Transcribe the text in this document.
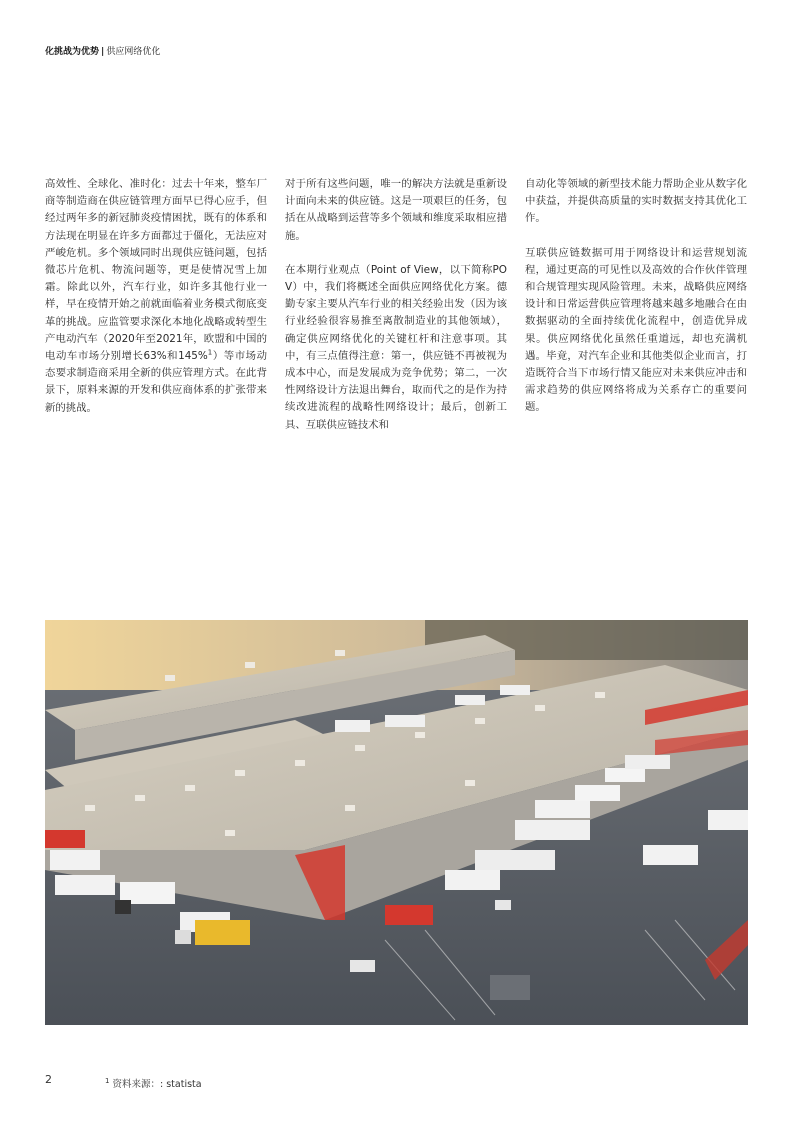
化挑战为优势 | 供应网络优化

高效性、全球化、准时化：过去十年来，整车厂商等制造商在供应链管理方面早已得心应手，但经过两年多的新冠肺炎疫情困扰，既有的体系和方法现在明显在许多方面都过于僵化，无法应对严峻危机。多个领域同时出现供应链问题，包括微芯片危机、物流问题等，更是使情况雪上加霜。除此以外，汽车行业，如许多其他行业一样，早在疫情开始之前就面临着业务模式彻底变革的挑战。应监管要求深化本地化战略或转型生产电动汽车（2020年至2021年，欧盟和中国的电动车市场分别增长63%和145%$^1$）等市场动态要求制造商采用全新的供应管理方式。在此背景下，原料来源的开发和供应商体系的扩张带来新的挑战。

对于所有这些问题，唯一的解决方法就是重新设计面向未来的供应链。这是一项艰巨的任务，包括在从战略到运营等多个领域和维度采取相应措施。

在本期行业观点（Point of View，以下简称POV）中，我们将概述全面供应网络优化方案。德勤专家主要从汽车行业的相关经验出发（因为该行业经验很容易推至离散制造业的其他领域），确定供应网络优化的关键杠杆和注意事项。其中，有三点值得注意：第一，供应链不再被视为成本中心，而是发展成为竞争优势；第二，一次性网络设计方法退出舞台，取而代之的是作为持续改进流程的战略性网络设计；最后，创新工具、互联供应链技术和

自动化等领域的新型技术能力帮助企业从数字化中获益，并提供高质量的实时数据支持其优化工作。

互联供应链数据可用于网络设计和运营规划流程，通过更高的可见性以及高效的合作伙伴管理和合规管理实现风险管理。未来，战略供应网络设计和日常运营供应管理将越来越多地融合在由数据驱动的全面持续优化流程中，创造优异成果。供应网络优化虽然任重道远，却也充满机遇。毕竟，对汽车企业和其他类似企业而言，打造既符合当下市场行情又能应对未来供应冲击和需求趋势的供应网络将成为关系存亡的重要问题。

2	$^1$ 资料来源：: statista
